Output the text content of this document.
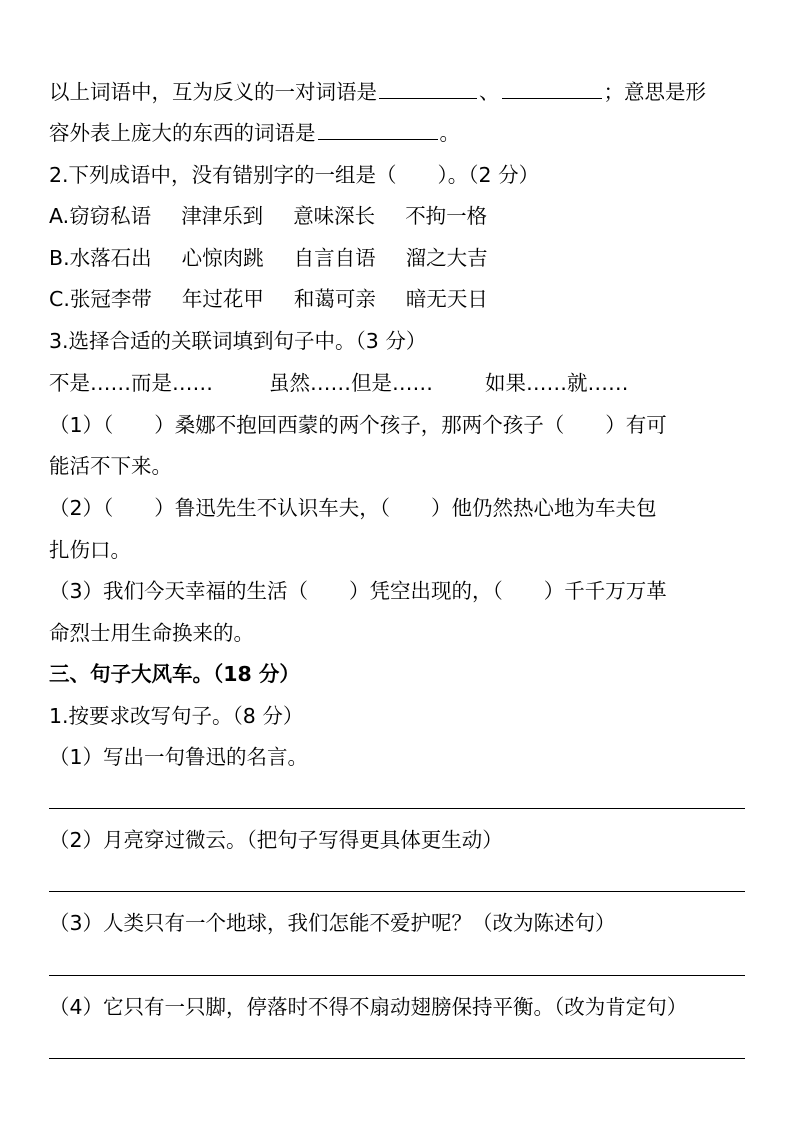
以上词语中，互为反义的一对词语是	、	；意思是形
容外表上庞大的东西的词语是	。
2.下列成语中，没有错别字的一组是（　　）。（2 分）
A.窃窃私语 津津乐到 意味深长 不拘一格
B.水落石出 心惊肉跳 自言自语 溜之大吉
C.张冠李带 年过花甲 和蔼可亲 暗无天日
3.选择合适的关联词填到句子中。（3 分）
不是……而是……	虽然……但是……	如果……就……
（1）（　　）桑娜不抱回西蒙的两个孩子，那两个孩子（　　）有可
能活不下来。
（2）（　　）鲁迅先生不认识车夫，（　　）他仍然热心地为车夫包
扎伤口。
（3）我们今天幸福的生活（　　）凭空出现的，（　　）千千万万革
命烈士用生命换来的。
三、句子大风车。（18 分）
1.按要求改写句子。（8 分）
（1）写出一句鲁迅的名言。
（2）月亮穿过微云。（把句子写得更具体更生动）
（3）人类只有一个地球，我们怎能不爱护呢？（改为陈述句）
（4）它只有一只脚，停落时不得不扇动翅膀保持平衡。（改为肯定句）
